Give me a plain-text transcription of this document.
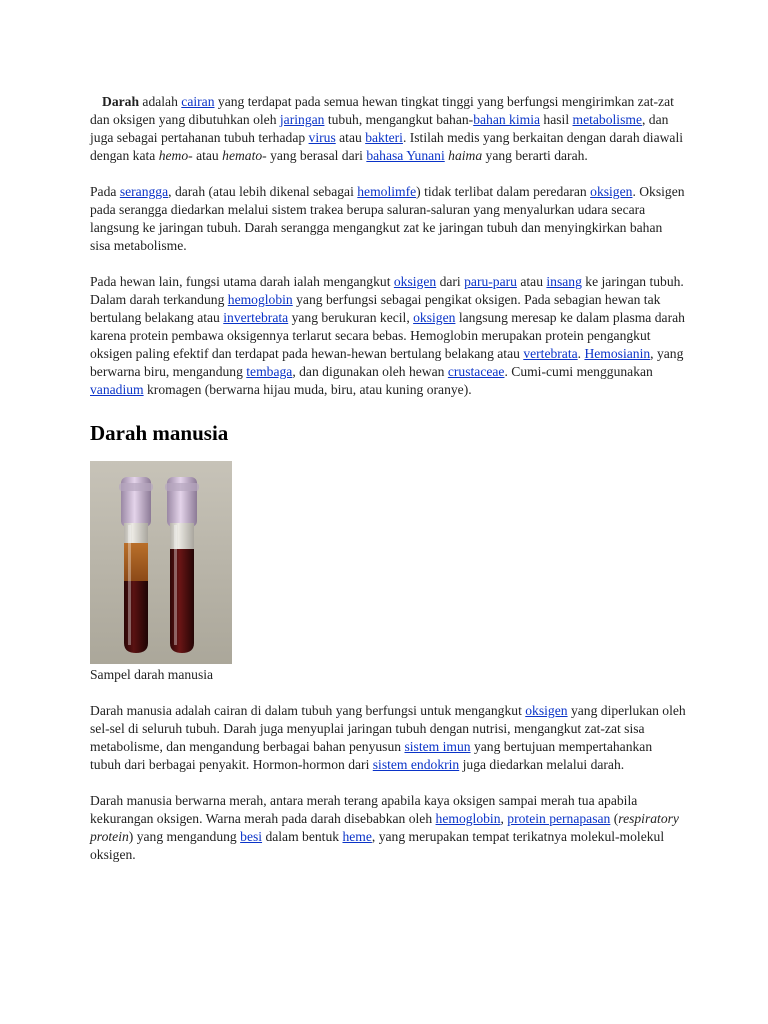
Darah adalah cairan yang terdapat pada semua hewan tingkat tinggi yang berfungsi mengirimkan zat-zat dan oksigen yang dibutuhkan oleh jaringan tubuh, mengangkut bahan-bahan kimia hasil metabolisme, dan juga sebagai pertahanan tubuh terhadap virus atau bakteri. Istilah medis yang berkaitan dengan darah diawali dengan kata hemo- atau hemato- yang berasal dari bahasa Yunani haima yang berarti darah.

Pada serangga, darah (atau lebih dikenal sebagai hemolimfe) tidak terlibat dalam peredaran oksigen. Oksigen pada serangga diedarkan melalui sistem trakea berupa saluran-saluran yang menyalurkan udara secara langsung ke jaringan tubuh. Darah serangga mengangkut zat ke jaringan tubuh dan menyingkirkan bahan sisa metabolisme.

Pada hewan lain, fungsi utama darah ialah mengangkut oksigen dari paru-paru atau insang ke jaringan tubuh. Dalam darah terkandung hemoglobin yang berfungsi sebagai pengikat oksigen. Pada sebagian hewan tak bertulang belakang atau invertebrata yang berukuran kecil, oksigen langsung meresap ke dalam plasma darah karena protein pembawa oksigennya terlarut secara bebas. Hemoglobin merupakan protein pengangkut oksigen paling efektif dan terdapat pada hewan-hewan bertulang belakang atau vertebrata. Hemosianin, yang berwarna biru, mengandung tembaga, dan digunakan oleh hewan crustaceae. Cumi-cumi menggunakan vanadium kromagen (berwarna hijau muda, biru, atau kuning oranye).

Darah manusia

Sampel darah manusia

Darah manusia adalah cairan di dalam tubuh yang berfungsi untuk mengangkut oksigen yang diperlukan oleh sel-sel di seluruh tubuh. Darah juga menyuplai jaringan tubuh dengan nutrisi, mengangkut zat-zat sisa metabolisme, dan mengandung berbagai bahan penyusun sistem imun yang bertujuan mempertahankan tubuh dari berbagai penyakit. Hormon-hormon dari sistem endokrin juga diedarkan melalui darah.

Darah manusia berwarna merah, antara merah terang apabila kaya oksigen sampai merah tua apabila kekurangan oksigen. Warna merah pada darah disebabkan oleh hemoglobin, protein pernapasan (respiratory protein) yang mengandung besi dalam bentuk heme, yang merupakan tempat terikatnya molekul-molekul oksigen.
